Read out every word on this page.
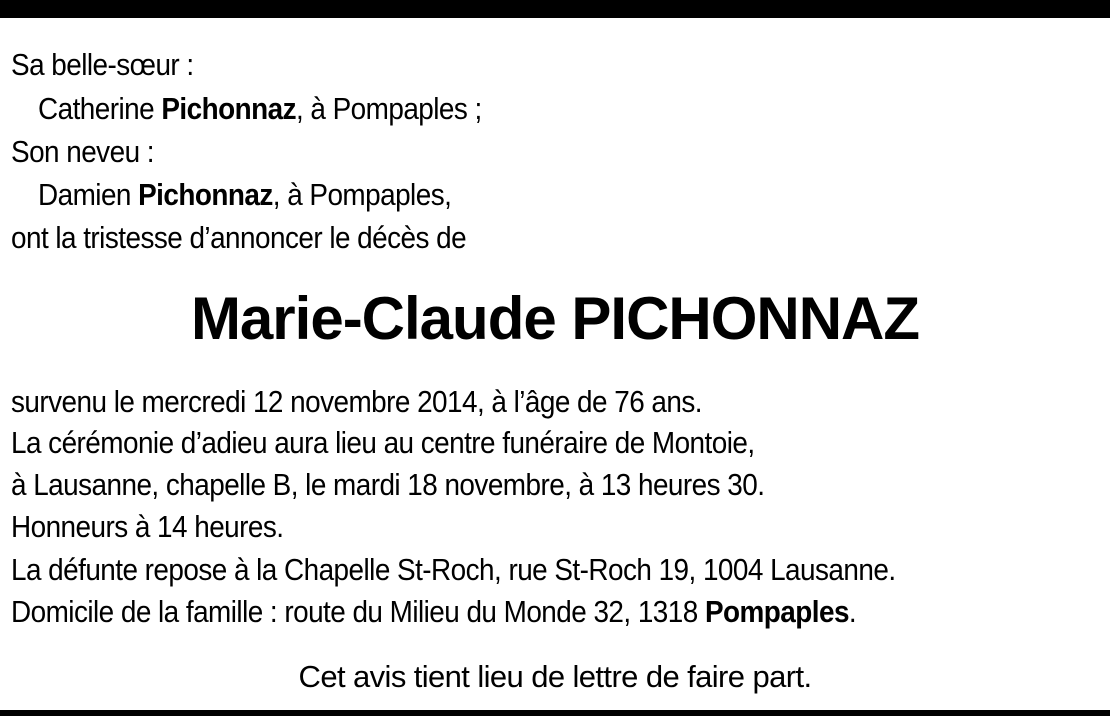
Sa belle-sœur :
Catherine Pichonnaz, à Pompaples ;
Son neveu :
Damien Pichonnaz, à Pompaples,
ont la tristesse d’annoncer le décès de
Marie-Claude PICHONNAZ
survenu le mercredi 12 novembre 2014, à l’âge de 76 ans.
La cérémonie d’adieu aura lieu au centre funéraire de Montoie,
à Lausanne, chapelle B, le mardi 18 novembre, à 13 heures 30.
Honneurs à 14 heures.
La défunte repose à la Chapelle St-Roch, rue St-Roch 19, 1004 Lausanne.
Domicile de la famille : route du Milieu du Monde 32, 1318 Pompaples.
Cet avis tient lieu de lettre de faire part.
